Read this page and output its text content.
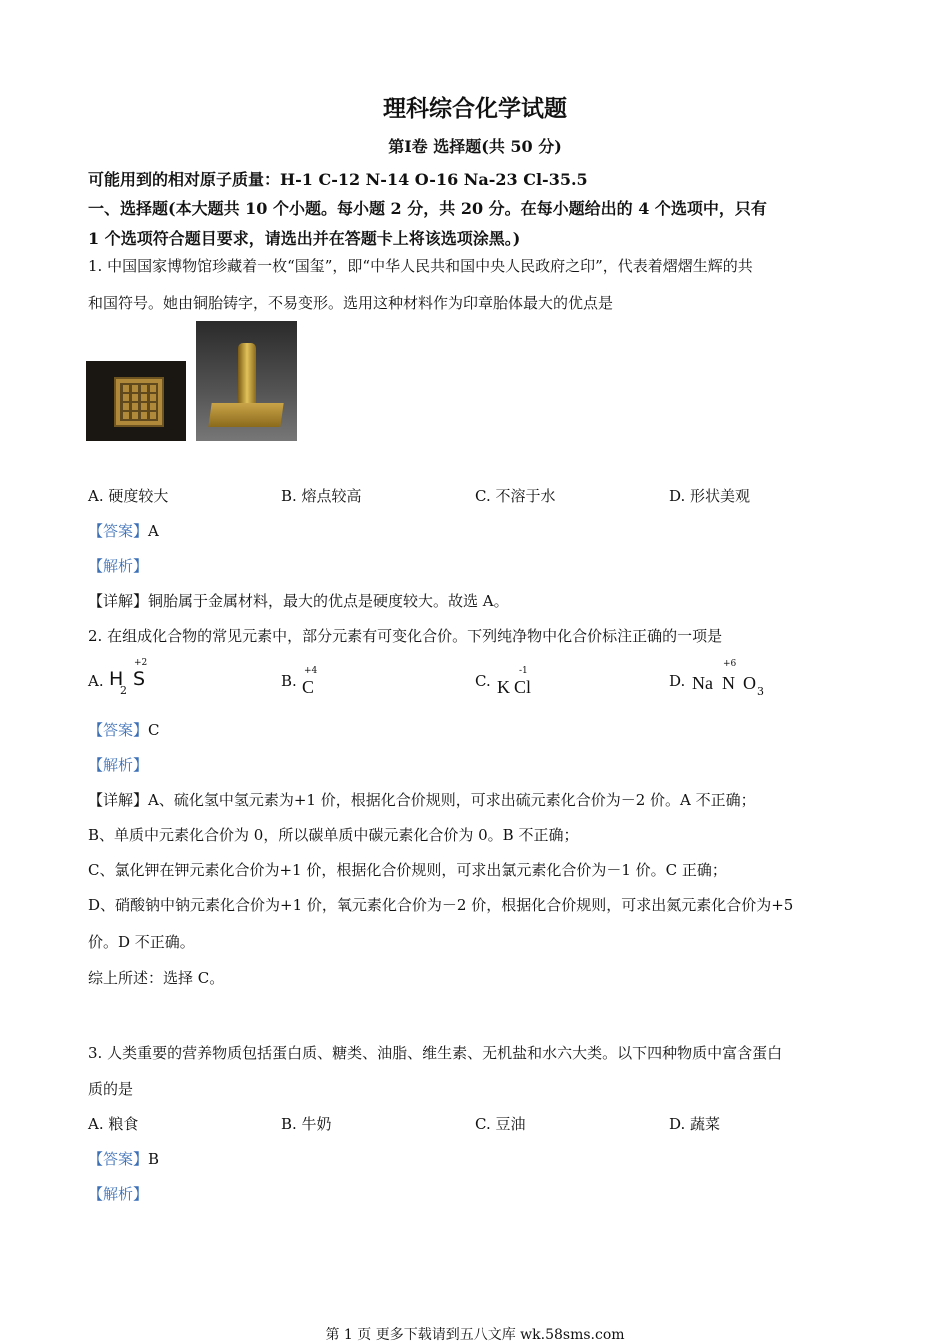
理科综合化学试题
第Ⅰ卷 选择题(共 50 分)
可能用到的相对原子质量：H-1 C-12 N-14 O-16 Na-23 Cl-35.5
一、选择题(本大题共 10 个小题。每小题 2 分，共 20 分。在每小题给出的 4 个选项中，只有
1 个选项符合题目要求，请选出并在答题卡上将该选项涂黑。)
1. 中国国家博物馆珍藏着一枚“国玺”，即“中华人民共和国中央人民政府之印”，代表着熠熠生辉的共
和国符号。她由铜胎铸字，不易变形。选用这种材料作为印章胎体最大的优点是
A. 硬度较大	B. 熔点较高	C. 不溶于水	D. 形状美观
【答案】A
【解析】
【详解】铜胎属于金属材料，最大的优点是硬度较大。故选 A。
2. 在组成化合物的常见元素中，部分元素有可变化合价。下列纯净物中化合价标注正确的一项是
A.
+2
H
2
S	B.
+4
C	C.
-1
K Cl	D.
+6
Na N O 3
【答案】C
【解析】
【详解】A、硫化氢中氢元素为+1 价，根据化合价规则，可求出硫元素化合价为－2 价。A 不正确；
B、单质中元素化合价为 0，所以碳单质中碳元素化合价为 0。B 不正确；
C、氯化钾在钾元素化合价为+1 价，根据化合价规则，可求出氯元素化合价为－1 价。C 正确；
D、硝酸钠中钠元素化合价为+1 价，氧元素化合价为－2 价，根据化合价规则，可求出氮元素化合价为+5
价。D 不正确。
综上所述：选择 C。
3. 人类重要的营养物质包括蛋白质、糖类、油脂、维生素、无机盐和水六大类。以下四种物质中富含蛋白
质的是
A. 粮食	B. 牛奶	C. 豆油	D. 蔬菜
【答案】B
【解析】
第 1 页 更多下载请到五八文库 wk.58sms.com
